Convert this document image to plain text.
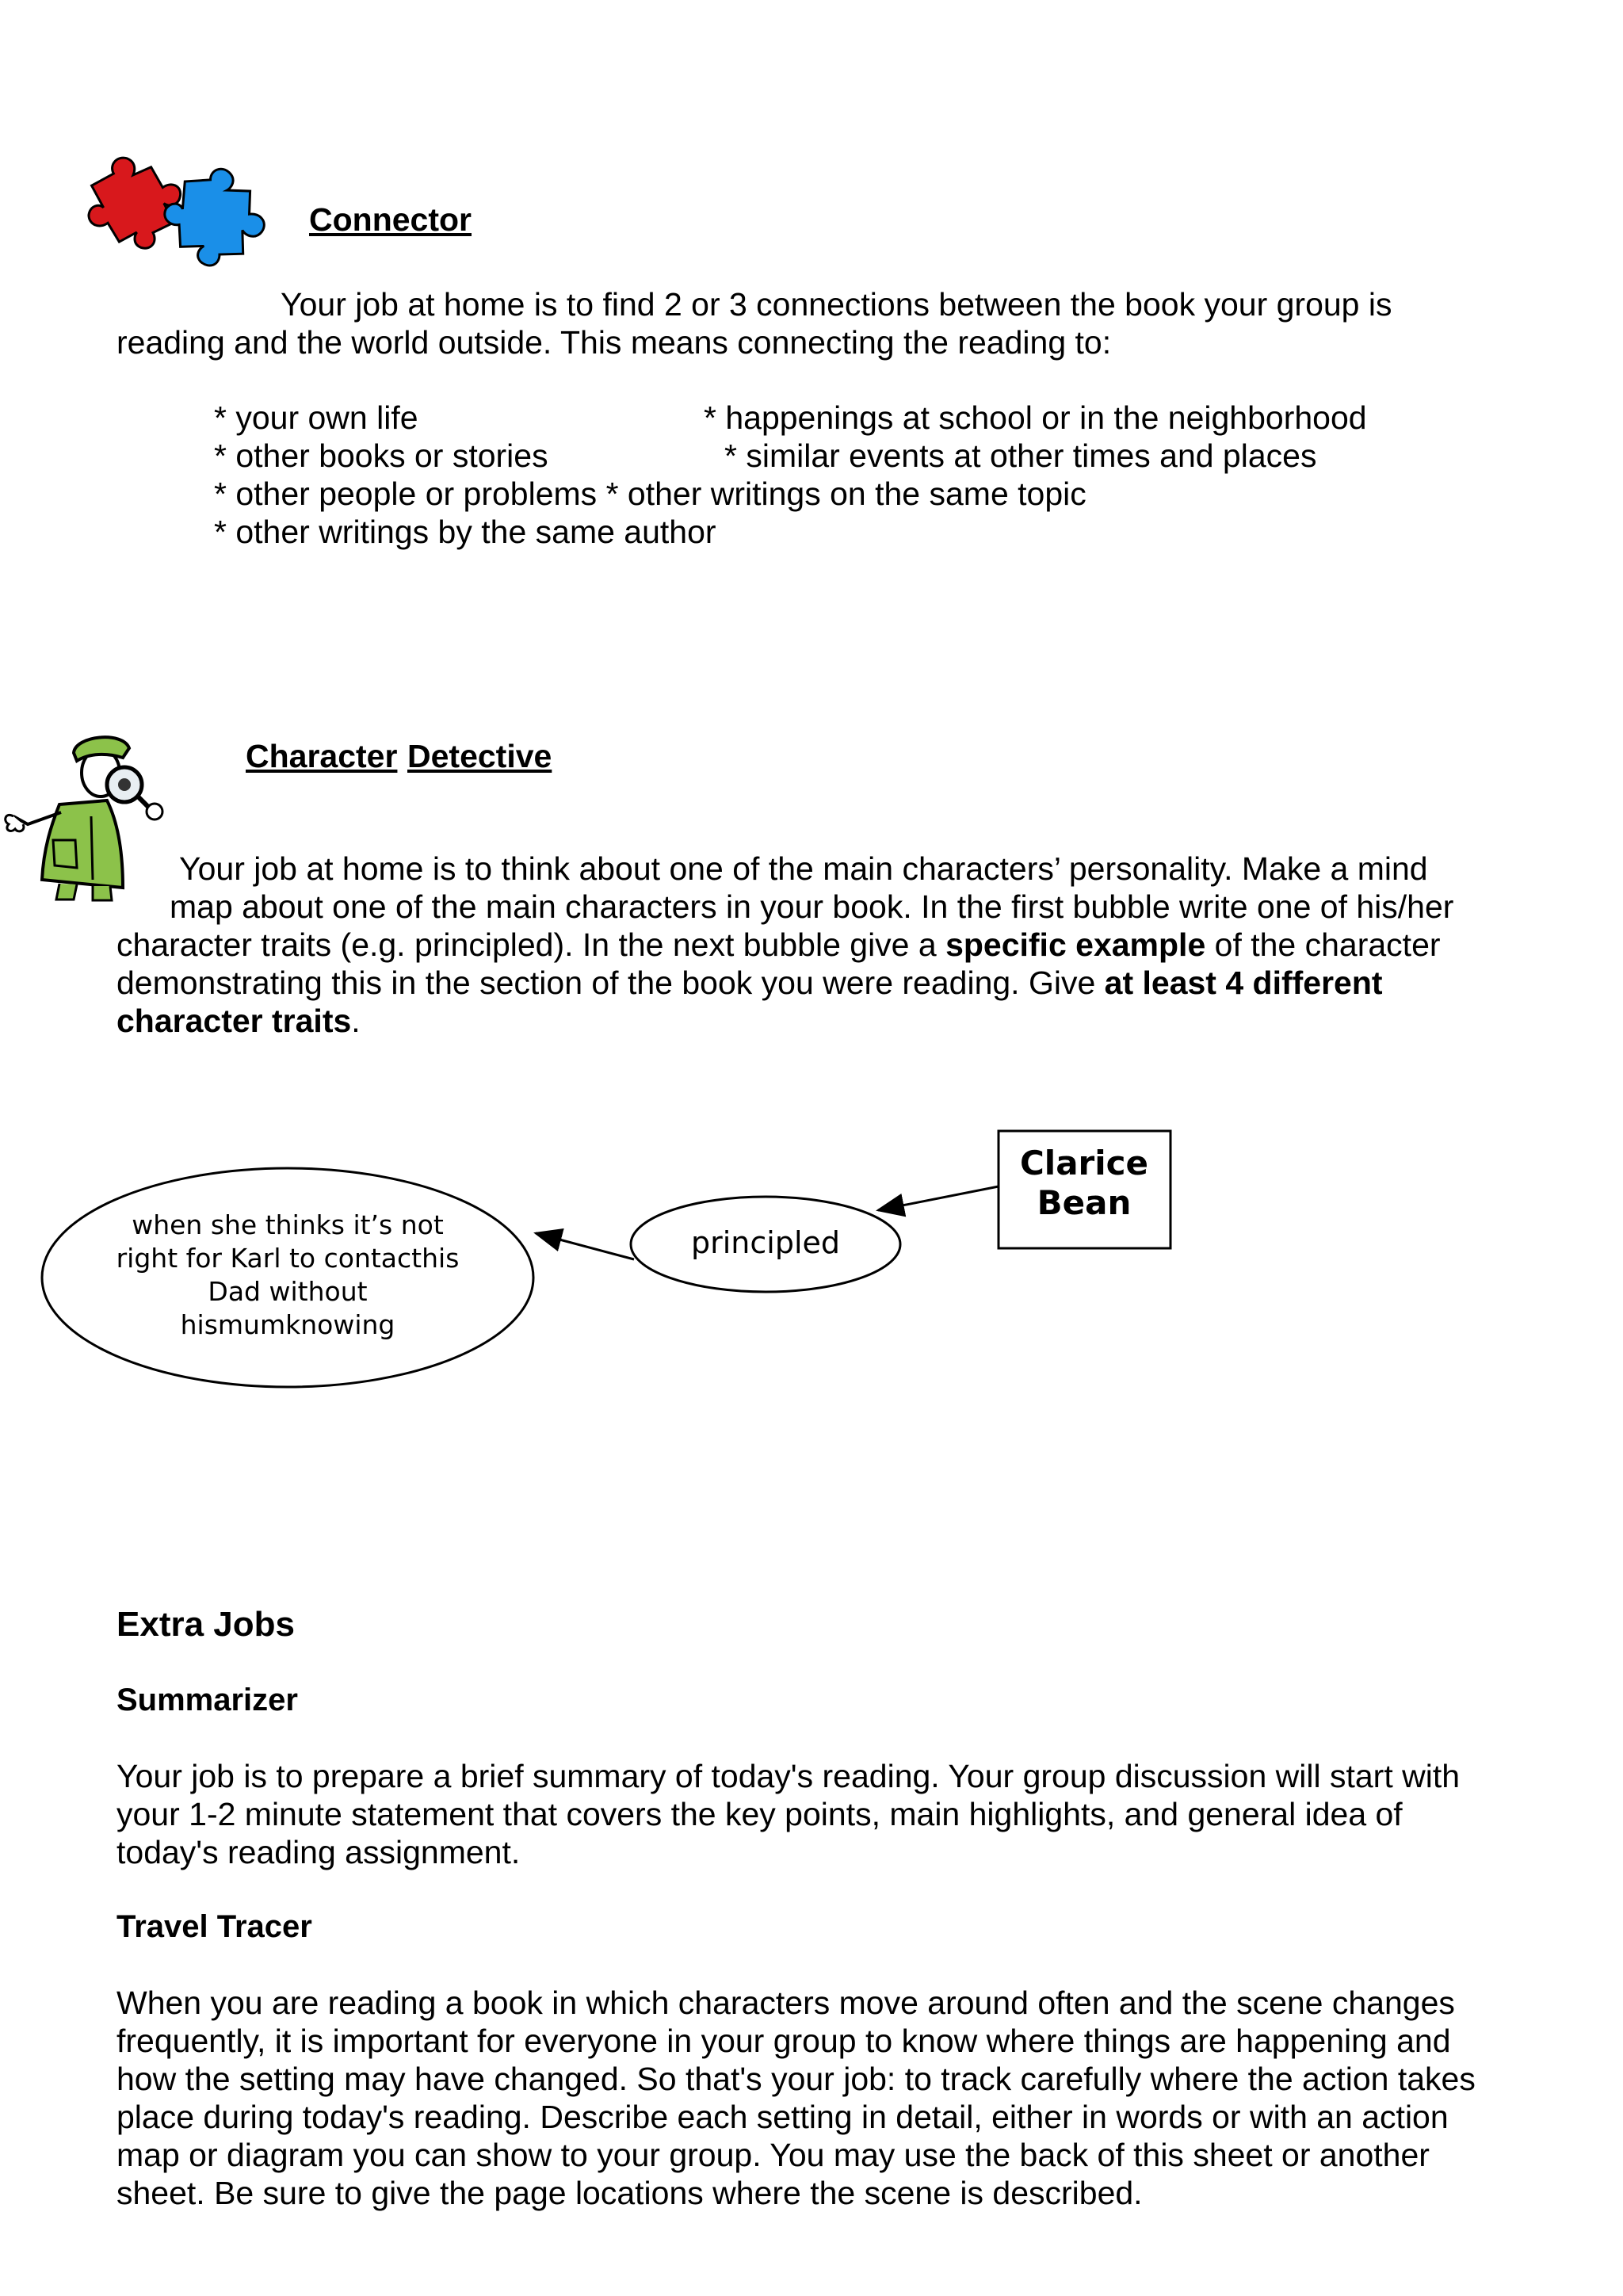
Connector
Your job at home is to find 2 or 3 connections between the book your group is
reading and the world outside. This means connecting the reading to:
* your own life	* happenings at school or in the neighborhood
* other books or stories	* similar events at other times and places
* other people or problems * other writings on the same topic
* other writings by the same author
Character Detective
Your job at home is to think about one of the main characters’ personality. Make a mind
map about one of the main characters in your book. In the first bubble write one of his/her
character traits (e.g. principled). In the next bubble give a specific example of the character
demonstrating this in the section of the book you were reading. Give at least 4 different
character traits.
Clarice
Bean
principled
when she thinks it’s not
right for Karl to contacthis
Dad without
hismumknowing
Extra Jobs
Summarizer
Your job is to prepare a brief summary of today's reading. Your group discussion will start with
your 1-2 minute statement that covers the key points, main highlights, and general idea of
today's reading assignment.
Travel Tracer
When you are reading a book in which characters move around often and the scene changes
frequently, it is important for everyone in your group to know where things are happening and
how the setting may have changed. So that's your job: to track carefully where the action takes
place during today's reading. Describe each setting in detail, either in words or with an action
map or diagram you can show to your group. You may use the back of this sheet or another
sheet. Be sure to give the page locations where the scene is described.
